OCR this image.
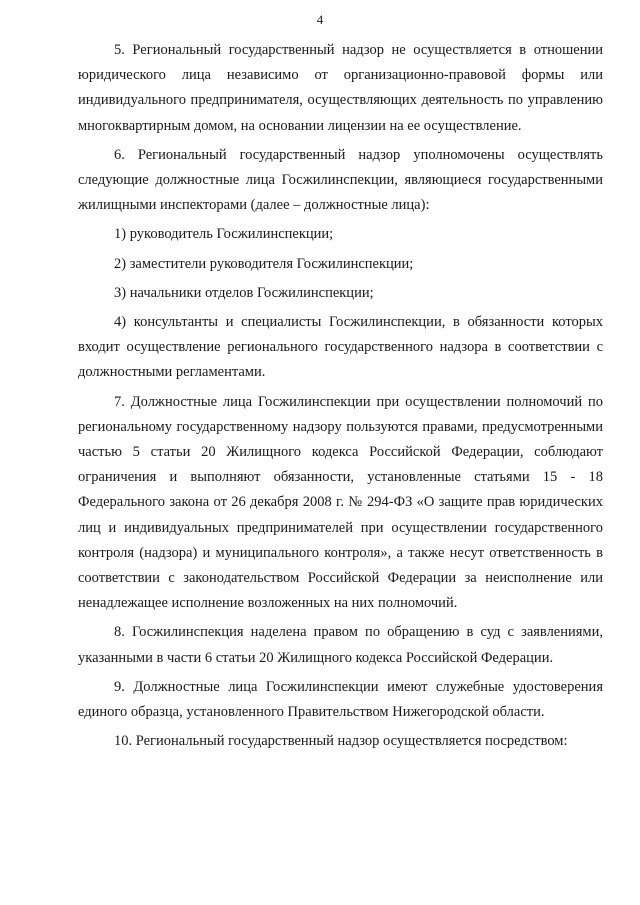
4

5. Региональный государственный надзор не осуществляется в отношении юридического лица независимо от организационно-правовой формы или индивидуального предпринимателя, осуществляющих деятельность по управлению многоквартирным домом, на основании лицензии на ее осуществление.

6. Региональный государственный надзор уполномочены осуществлять следующие должностные лица Госжилинспекции, являющиеся государственными жилищными инспекторами (далее – должностные лица):

1) руководитель Госжилинспекции;

2) заместители руководителя Госжилинспекции;

3) начальники отделов Госжилинспекции;

4) консультанты и специалисты Госжилинспекции, в обязанности которых входит осуществление регионального государственного надзора в соответствии с должностными регламентами.

7. Должностные лица Госжилинспекции при осуществлении полномочий по региональному государственному надзору пользуются правами, предусмотренными частью 5 статьи 20 Жилищного кодекса Российской Федерации, соблюдают ограничения и выполняют обязанности, установленные статьями 15 - 18 Федерального закона от 26 декабря 2008 г. № 294-ФЗ «О защите прав юридических лиц и индивидуальных предпринимателей при осуществлении государственного контроля (надзора) и муниципального контроля», а также несут ответственность в соответствии с законодательством Российской Федерации за неисполнение или ненадлежащее исполнение возложенных на них полномочий.

8. Госжилинспекция наделена правом по обращению в суд с заявлениями, указанными в части 6 статьи 20 Жилищного кодекса Российской Федерации.

9. Должностные лица Госжилинспекции имеют служебные удостоверения единого образца, установленного Правительством Нижегородской области.

10. Региональный государственный надзор осуществляется посредством:
